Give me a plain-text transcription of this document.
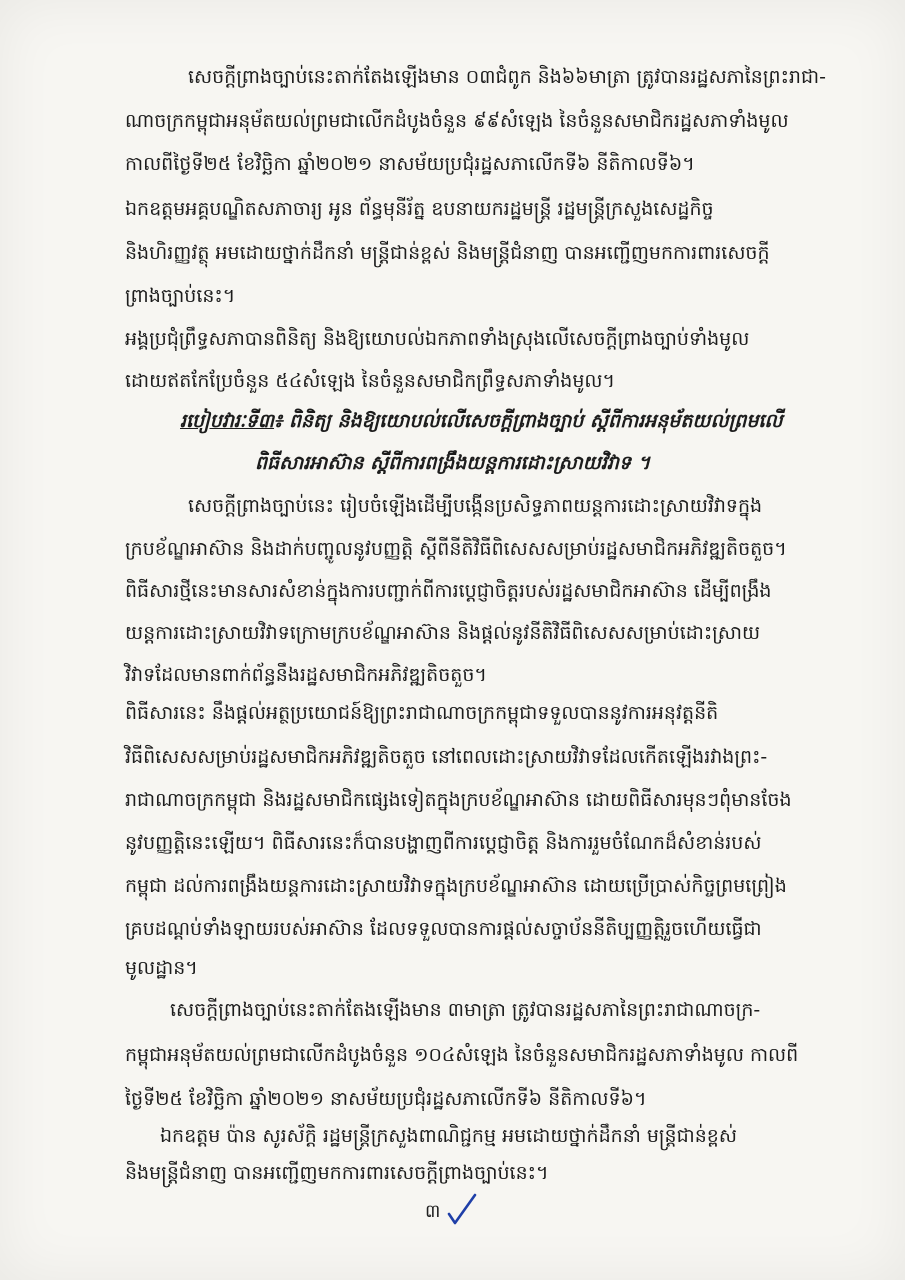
សេចក្តីព្រាងច្បាប់នេះតាក់តែងឡើងមាន ០៣ជំពូក និង៦៦មាត្រា ត្រូវបានរដ្ឋសភានៃព្រះរាជា-
ណាចក្រកម្ពុជាអនុម័តយល់ព្រមជាលើកដំបូងចំនួន ៩៩សំឡេង នៃចំនួនសមាជិករដ្ឋសភាទាំងមូល
កាលពីថ្ងៃទី២៥ ខែវិច្ឆិកា ឆ្នាំ២០២១ នាសម័យប្រជុំរដ្ឋសភាលើកទី៦ នីតិកាលទី៦។
ឯកឧត្តមអគ្គបណ្ឌិតសភាចារ្យ អូន ព័ន្ធមុនីរ័ត្ន ឧបនាយករដ្ឋមន្ត្រី រដ្ឋមន្ត្រីក្រសួងសេដ្ឋកិច្ច
និងហិរញ្ញវត្ថុ អមដោយថ្នាក់ដឹកនាំ មន្ត្រីជាន់ខ្ពស់ និងមន្ត្រីជំនាញ បានអញ្ជើញមកការពារសេចក្តី
ព្រាងច្បាប់នេះ។
អង្គប្រជុំព្រឹទ្ធសភាបានពិនិត្យ និងឱ្យយោបល់ឯកភាពទាំងស្រុងលើសេចក្តីព្រាងច្បាប់ទាំងមូល
ដោយឥតកែប្រែចំនួន ៥៤សំឡេង នៃចំនួនសមាជិកព្រឹទ្ធសភាទាំងមូល។
របៀបវារៈទី៣៖ ពិនិត្យ និងឱ្យយោបល់លើសេចក្តីព្រាងច្បាប់ ស្តីពីការអនុម័តយល់ព្រមលើ
ពិធីសារអាស៊ាន ស្តីពីការពង្រឹងយន្តការដោះស្រាយវិវាទ ។
សេចក្តីព្រាងច្បាប់នេះ រៀបចំឡើងដើម្បីបង្កើនប្រសិទ្ធភាពយន្តការដោះស្រាយវិវាទក្នុង
ក្របខ័ណ្ឌអាស៊ាន និងដាក់បញ្ចូលនូវបញ្ញត្តិ ស្តីពីនីតិវិធីពិសេសសម្រាប់រដ្ឋសមាជិកអភិវឌ្ឍតិចតួច។
ពិធីសារថ្មីនេះមានសារសំខាន់ក្នុងការបញ្ជាក់ពីការប្តេជ្ញាចិត្តរបស់រដ្ឋសមាជិកអាស៊ាន ដើម្បីពង្រឹង
យន្តការដោះស្រាយវិវាទក្រោមក្របខ័ណ្ឌអាស៊ាន និងផ្តល់នូវនីតិវិធីពិសេសសម្រាប់ដោះស្រាយ
វិវាទដែលមានពាក់ព័ន្ធនឹងរដ្ឋសមាជិកអភិវឌ្ឍតិចតួច។
ពិធីសារនេះ នឹងផ្តល់អត្ថប្រយោជន៍ឱ្យព្រះរាជាណាចក្រកម្ពុជាទទួលបាននូវការអនុវត្តនីតិ
វិធីពិសេសសម្រាប់រដ្ឋសមាជិកអភិវឌ្ឍតិចតួច នៅពេលដោះស្រាយវិវាទដែលកើតឡើងរវាងព្រះ-
រាជាណាចក្រកម្ពុជា និងរដ្ឋសមាជិកផ្សេងទៀតក្នុងក្របខ័ណ្ឌអាស៊ាន ដោយពិធីសារមុនៗពុំមានចែង
នូវបញ្ញត្តិនេះឡើយ។ ពិធីសារនេះក៏បានបង្ហាញពីការប្តេជ្ញាចិត្ត និងការរួមចំណែកដ៏សំខាន់របស់
កម្ពុជា ដល់ការពង្រឹងយន្តការដោះស្រាយវិវាទក្នុងក្របខ័ណ្ឌអាស៊ាន ដោយប្រើប្រាស់កិច្ចព្រមព្រៀង
គ្របដណ្តប់ទាំងឡាយរបស់អាស៊ាន ដែលទទួលបានការផ្តល់សច្ចាប័ននីតិប្បញ្ញត្តិរួចហើយធ្វើជា
មូលដ្ឋាន។
សេចក្តីព្រាងច្បាប់នេះតាក់តែងឡើងមាន ៣មាត្រា ត្រូវបានរដ្ឋសភានៃព្រះរាជាណាចក្រ-
កម្ពុជាអនុម័តយល់ព្រមជាលើកដំបូងចំនួន ១០៤សំឡេង នៃចំនួនសមាជិករដ្ឋសភាទាំងមូល កាលពី
ថ្ងៃទី២៥ ខែវិច្ឆិកា ឆ្នាំ២០២១ នាសម័យប្រជុំរដ្ឋសភាលើកទី៦ នីតិកាលទី៦។
ឯកឧត្តម ប៉ាន សូរស័ក្តិ រដ្ឋមន្ត្រីក្រសួងពាណិជ្ជកម្ម អមដោយថ្នាក់ដឹកនាំ មន្ត្រីជាន់ខ្ពស់
និងមន្ត្រីជំនាញ បានអញ្ជើញមកការពារសេចក្តីព្រាងច្បាប់នេះ។
៣
